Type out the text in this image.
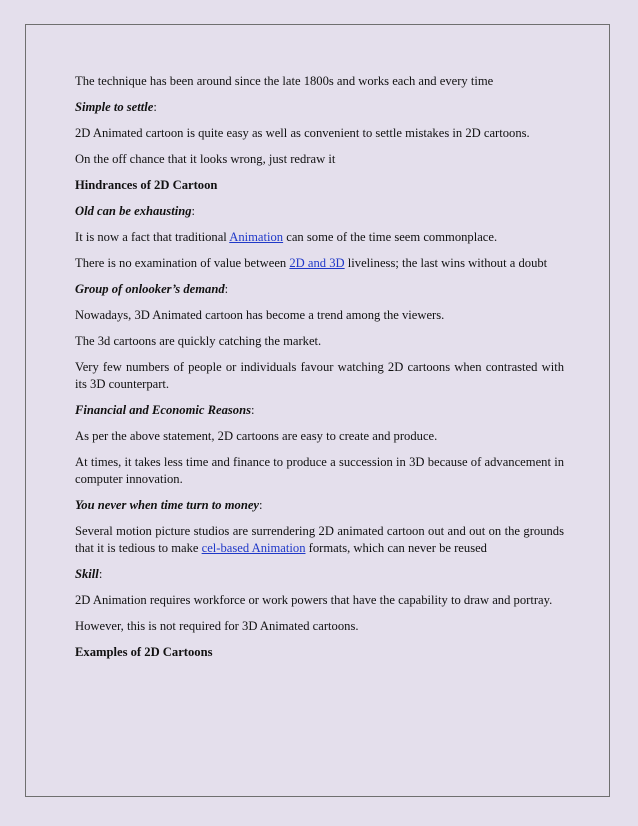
The technique has been around since the late 1800s and works each and every time

Simple to settle:

2D Animated cartoon is quite easy as well as convenient to settle mistakes in 2D cartoons.

On the off chance that it looks wrong, just redraw it

Hindrances of 2D Cartoon

Old can be exhausting:

It is now a fact that traditional Animation can some of the time seem commonplace.

There is no examination of value between 2D and 3D liveliness; the last wins without a doubt

Group of onlooker’s demand:

Nowadays, 3D Animated cartoon has become a trend among the viewers.

The 3d cartoons are quickly catching the market.

Very few numbers of people or individuals favour watching 2D cartoons when contrasted with its 3D counterpart.

Financial and Economic Reasons:

As per the above statement, 2D cartoons are easy to create and produce.

At times, it takes less time and finance to produce a succession in 3D because of advancement in computer innovation.

You never when time turn to money:

Several motion picture studios are surrendering 2D animated cartoon out and out on the grounds that it is tedious to make cel-based Animation formats, which can never be reused

Skill:

2D Animation requires workforce or work powers that have the capability to draw and portray.

However, this is not required for 3D Animated cartoons.

Examples of 2D Cartoons
